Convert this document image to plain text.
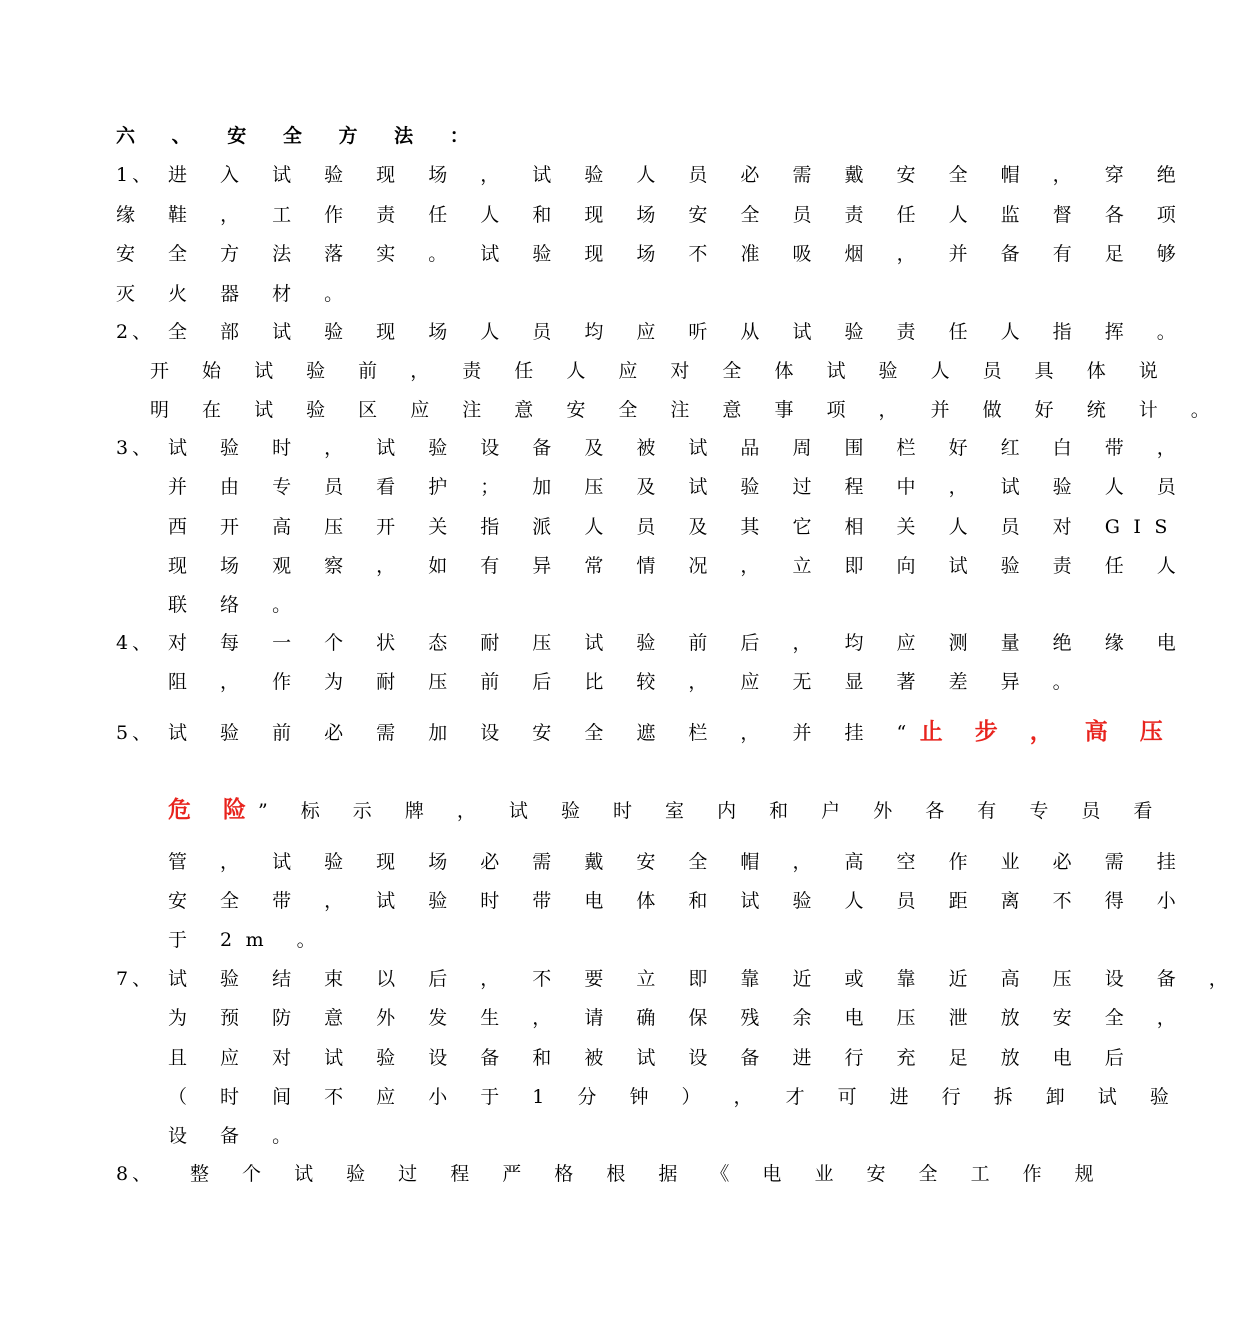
六 、 安 全 方 法 ：
1、 进 入 试 验 现 场 ， 试 验 人 员 必 需 戴 安 全 帽 ， 穿 绝
缘 鞋 ， 工 作 责 任 人 和 现 场 安 全 员 责 任 人 监 督 各 项
安 全 方 法 落 实 。 试 验 现 场 不 准 吸 烟 ， 并 备 有 足 够
灭 火 器 材 。
2、 全 部 试 验 现 场 人 员 均 应 听 从 试 验 责 任 人 指 挥 。
开 始 试 验 前 ， 责 任 人 应 对 全 体 试 验 人 员 具 体 说
明 在 试 验 区 应 注 意 安 全 注 意 事 项 ， 并 做 好 统 计 。
3、 试 验 时 ， 试 验 设 备 及 被 试 品 周 围 栏 好 红 白 带 ，
并 由 专 员 看 护 ； 加 压 及 试 验 过 程 中 ， 试 验 人 员
西 开 高 压 开 关 指 派 人 员 及 其 它 相 关 人 员 对 GIS
现 场 观 察 ， 如 有 异 常 情 况 ， 立 即 向 试 验 责 任 人
联 络 。
4、 对 每 一 个 状 态 耐 压 试 验 前 后 ， 均 应 测 量 绝 缘 电
阻 ， 作 为 耐 压 前 后 比 较 ， 应 无 显 著 差 异 。
5、 试 验 前 必 需 加 设 安 全 遮 栏 ， 并 挂 “止 步 ， 高 压
危 险” 标 示 牌 ， 试 验 时 室 内 和 户 外 各 有 专 员 看
管 ， 试 验 现 场 必 需 戴 安 全 帽 ， 高 空 作 业 必 需 挂
安 全 带 ， 试 验 时 带 电 体 和 试 验 人 员 距 离 不 得 小
于 2m 。
7、 试 验 结 束 以 后 ， 不 要 立 即 靠 近 或 靠 近 高 压 设 备 ，
为 预 防 意 外 发 生 ， 请 确 保 残 余 电 压 泄 放 安 全 ，
且 应 对 试 验 设 备 和 被 试 设 备 进 行 充 足 放 电 后
（ 时 间 不 应 小 于 1 分 钟 ） ， 才 可 进 行 拆 卸 试 验
设 备 。
8、 整 个 试 验 过 程 严 格 根 据 《 电 业 安 全 工 作 规
